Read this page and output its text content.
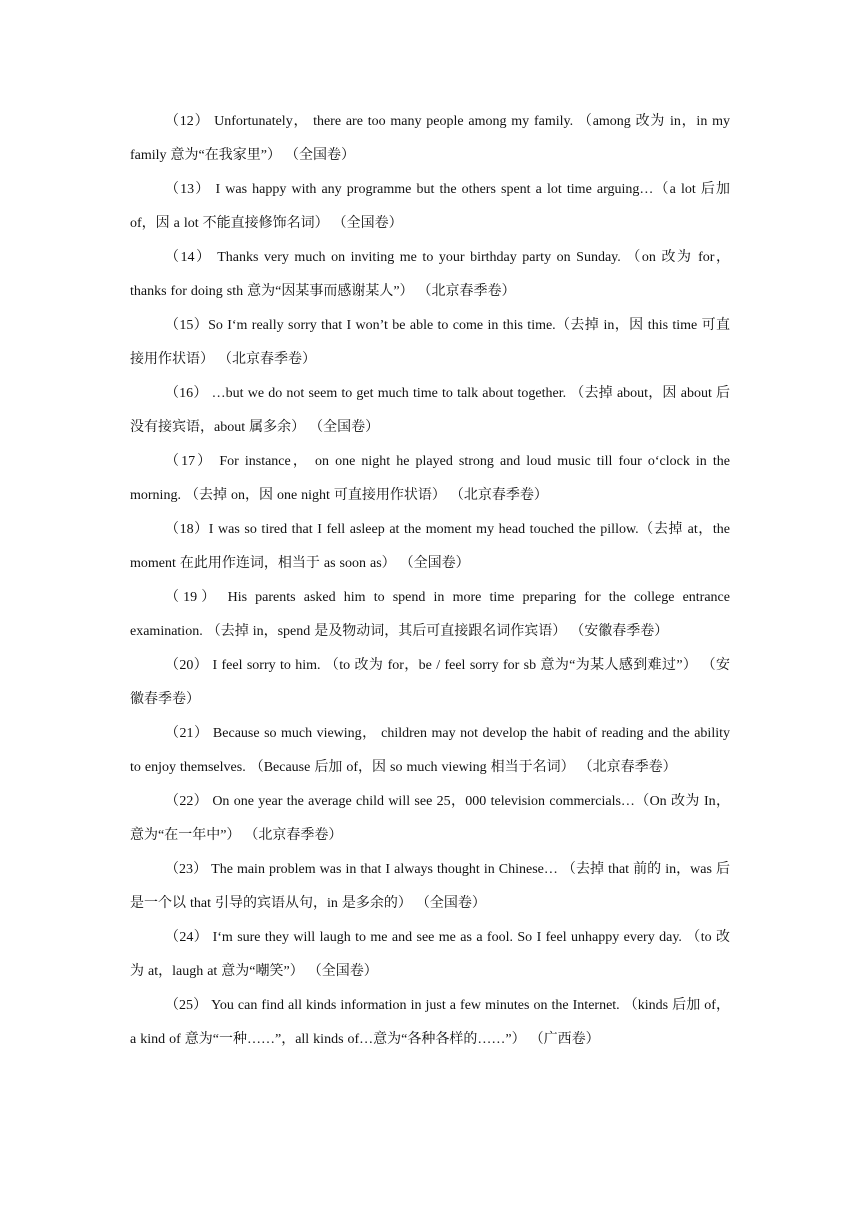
（12） Unfortunately， there are too many people among my family. （among 改为 in，in my family 意为“在我家里”） （全国卷）

（13） I was happy with any programme but the others spent a lot time arguing…（a lot 后加 of，因 a lot 不能直接修饰名词） （全国卷）

（14） Thanks very much on inviting me to your birthday party on Sunday. （on 改为 for，thanks for doing sth 意为“因某事而感谢某人”） （北京春季卷）

（15）So I‘m really sorry that I won’t be able to come in this time.（去掉 in，因 this time 可直接用作状语） （北京春季卷）

（16） …but we do not seem to get much time to talk about together. （去掉 about，因 about 后没有接宾语，about 属多余） （全国卷）

（17） For instance， on one night he played strong and loud music till four o‘clock in the morning. （去掉 on，因 one night 可直接用作状语） （北京春季卷）

（18）I was so tired that I fell asleep at the moment my head touched the pillow.（去掉 at，the moment 在此用作连词，相当于 as soon as） （全国卷）

（19） His parents asked him to spend in more time preparing for the college entrance examination. （去掉 in，spend 是及物动词，其后可直接跟名词作宾语） （安徽春季卷）

（20） I feel sorry to him. （to 改为 for，be / feel sorry for sb 意为“为某人感到难过”） （安徽春季卷）

（21） Because so much viewing， children may not develop the habit of reading and the ability to enjoy themselves. （Because 后加 of，因 so much viewing 相当于名词） （北京春季卷）

（22） On one year the average child will see 25，000 television commercials…（On 改为 In，意为“在一年中”） （北京春季卷）

（23） The main problem was in that I always thought in Chinese… （去掉 that 前的 in，was 后是一个以 that 引导的宾语从句，in 是多余的） （全国卷）

（24） I‘m sure they will laugh to me and see me as a fool. So I feel unhappy every day. （to 改为 at，laugh at 意为“嘲笑”） （全国卷）

（25） You can find all kinds information in just a few minutes on the Internet. （kinds 后加 of，a kind of 意为“一种……”，all kinds of…意为“各种各样的……”） （广西卷）
